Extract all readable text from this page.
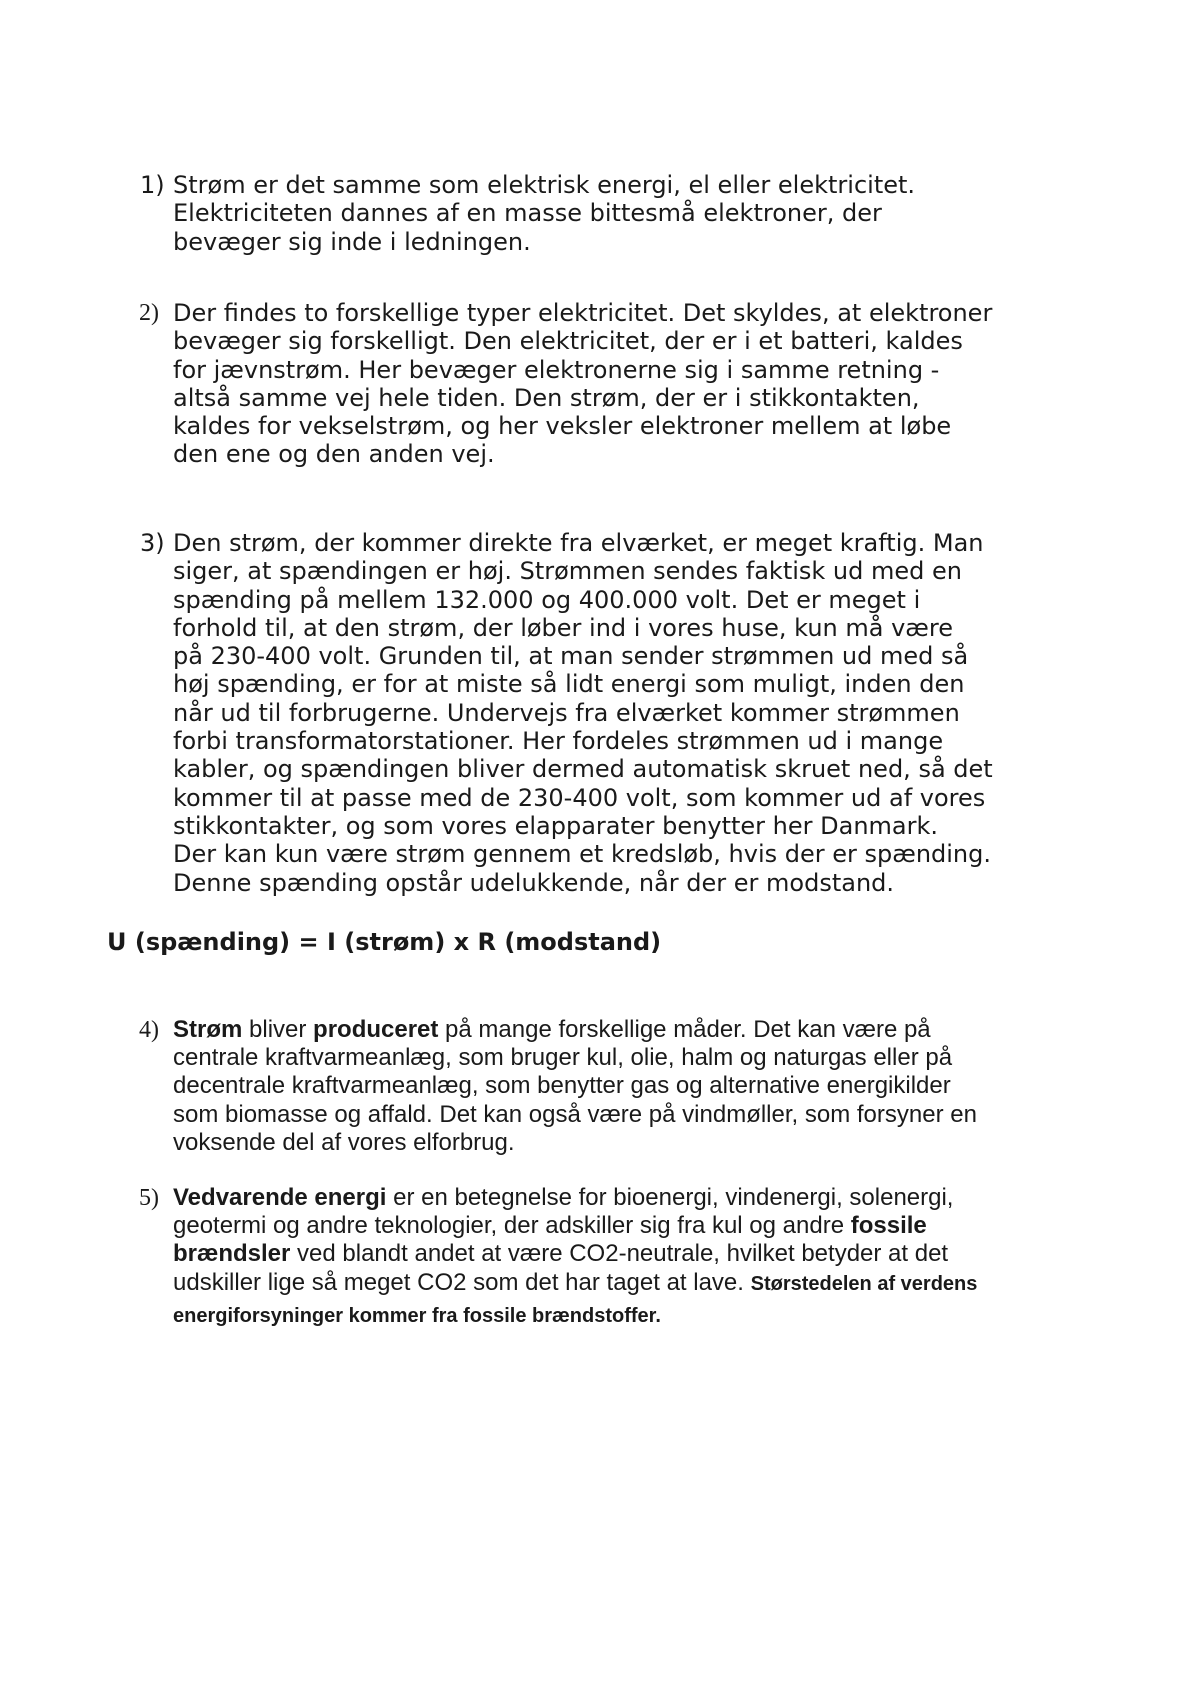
1) Strøm er det samme som elektrisk energi, el eller elektricitet.
Elektriciteten dannes af en masse bittesmå elektroner, der
bevæger sig inde i ledningen.
2) Der findes to forskellige typer elektricitet. Det skyldes, at elektroner
bevæger sig forskelligt. Den elektricitet, der er i et batteri, kaldes
for jævnstrøm. Her bevæger elektronerne sig i samme retning -
altså samme vej hele tiden. Den strøm, der er i stikkontakten,
kaldes for vekselstrøm, og her veksler elektroner mellem at løbe
den ene og den anden vej.
3) Den strøm, der kommer direkte fra elværket, er meget kraftig. Man
siger, at spændingen er høj. Strømmen sendes faktisk ud med en
spænding på mellem 132.000 og 400.000 volt. Det er meget i
forhold til, at den strøm, der løber ind i vores huse, kun må være
på 230-400 volt. Grunden til, at man sender strømmen ud med så
høj spænding, er for at miste så lidt energi som muligt, inden den
når ud til forbrugerne. Undervejs fra elværket kommer strømmen
forbi transformatorstationer. Her fordeles strømmen ud i mange
kabler, og spændingen bliver dermed automatisk skruet ned, så det
kommer til at passe med de 230-400 volt, som kommer ud af vores
stikkontakter, og som vores elapparater benytter her Danmark.
Der kan kun være strøm gennem et kredsløb, hvis der er spænding.
Denne spænding opstår udelukkende, når der er modstand.
U (spænding) = I (strøm) x R (modstand)
4) Strøm bliver produceret på mange forskellige måder. Det kan være på
centrale kraftvarmeanlæg, som bruger kul, olie, halm og naturgas eller på
decentrale kraftvarmeanlæg, som benytter gas og alternative energikilder
som biomasse og affald. Det kan også være på vindmøller, som forsyner en
voksende del af vores elforbrug.
5) Vedvarende energi er en betegnelse for bioenergi, vindenergi, solenergi,
geotermi og andre teknologier, der adskiller sig fra kul og andre fossile
brændsler ved blandt andet at være CO2-neutrale, hvilket betyder at det
udskiller lige så meget CO2 som det har taget at lave. Størstedelen af verdens
energiforsyninger kommer fra fossile brændstoffer.
